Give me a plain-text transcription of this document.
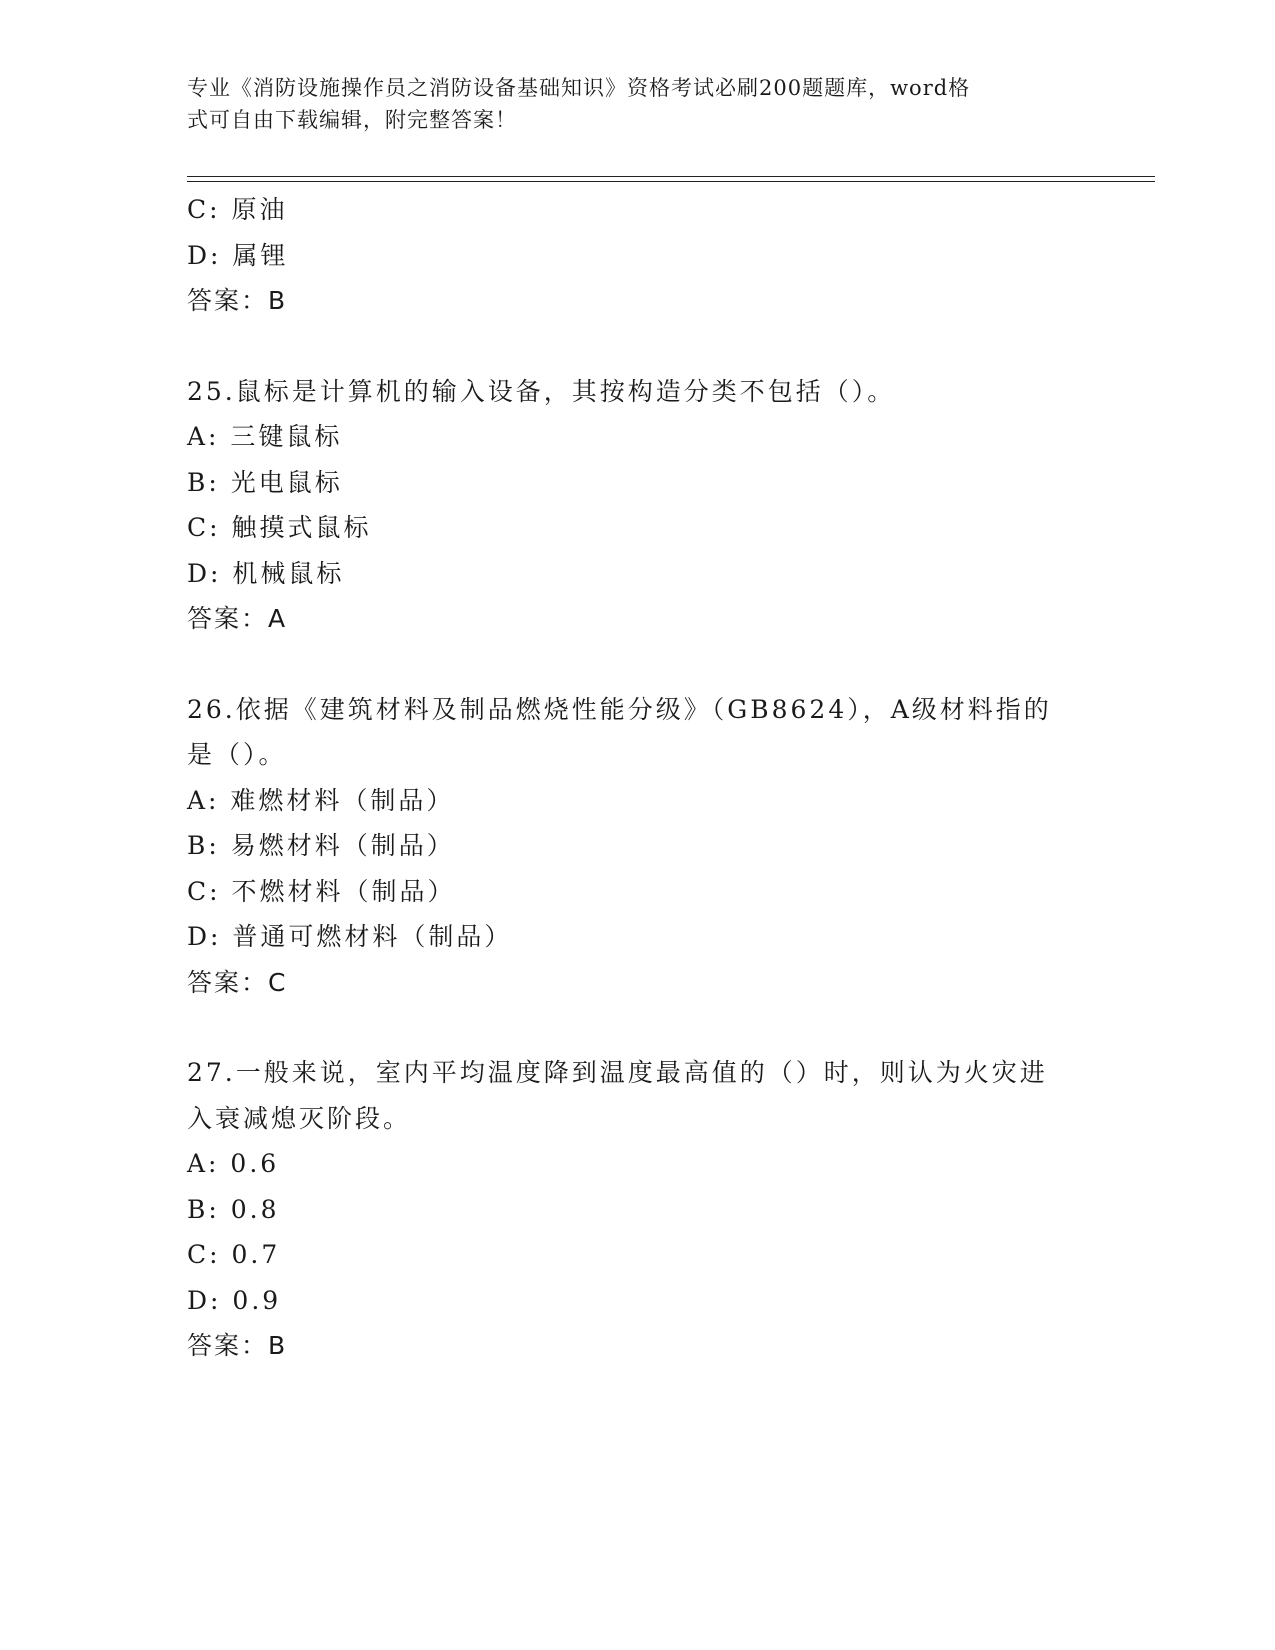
专业《消防设施操作员之消防设备基础知识》资格考试必刷200题题库，word格
式可自由下载编辑，附完整答案！
C: 原油
D: 属锂
答案：B
25.鼠标是计算机的输入设备，其按构造分类不包括（）。
A: 三键鼠标
B: 光电鼠标
C: 触摸式鼠标
D: 机械鼠标
答案：A
26.依据《建筑材料及制品燃烧性能分级》（GB8624），A级材料指的
是（）。
A: 难燃材料（制品）
B: 易燃材料（制品）
C: 不燃材料（制品）
D: 普通可燃材料（制品）
答案：C
27.一般来说，室内平均温度降到温度最高值的（）时，则认为火灾进
入衰减熄灭阶段。
A: 0.6
B: 0.8
C: 0.7
D: 0.9
答案：B
